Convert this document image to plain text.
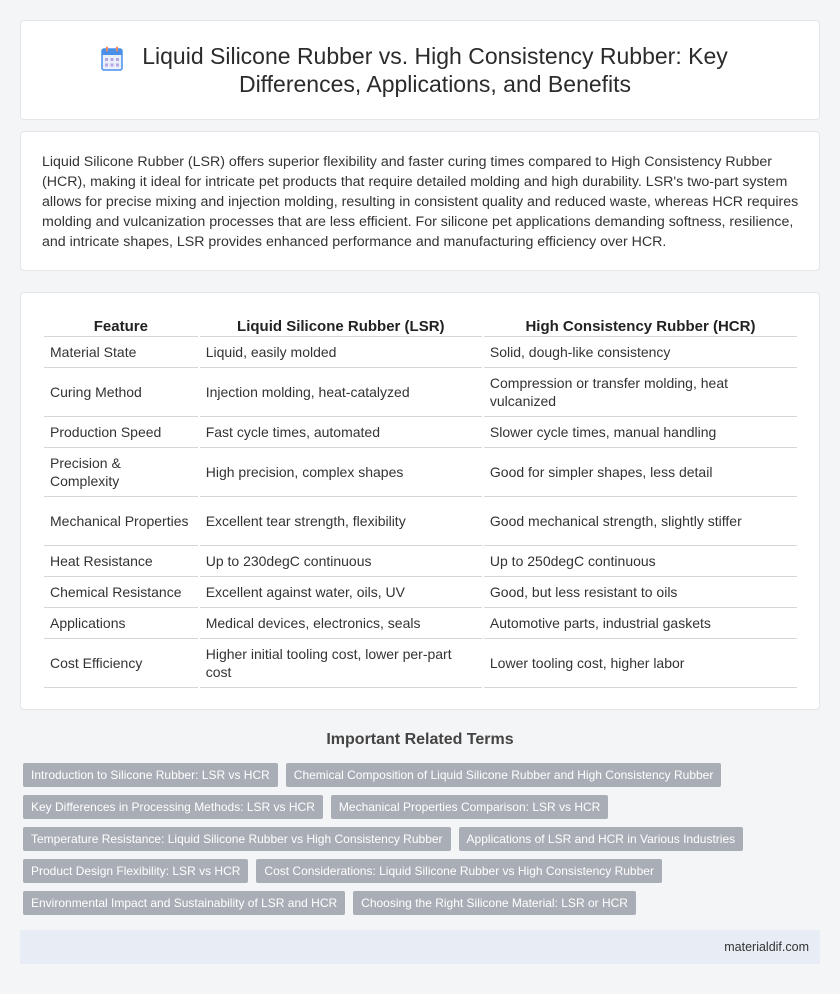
Liquid Silicone Rubber vs. High Consistency Rubber: Key Differences, Applications, and Benefits

Liquid Silicone Rubber (LSR) offers superior flexibility and faster curing times compared to High Consistency Rubber (HCR), making it ideal for intricate pet products that require detailed molding and high durability. LSR's two-part system allows for precise mixing and injection molding, resulting in consistent quality and reduced waste, whereas HCR requires molding and vulcanization processes that are less efficient. For silicone pet applications demanding softness, resilience, and intricate shapes, LSR provides enhanced performance and manufacturing efficiency over HCR.

Feature	Liquid Silicone Rubber (LSR)	High Consistency Rubber (HCR)
Material State	Liquid, easily molded	Solid, dough-like consistency
Curing Method	Injection molding, heat-catalyzed	Compression or transfer molding, heat vulcanized
Production Speed	Fast cycle times, automated	Slower cycle times, manual handling
Precision & Complexity	High precision, complex shapes	Good for simpler shapes, less detail
Mechanical Properties	Excellent tear strength, flexibility	Good mechanical strength, slightly stiffer
Heat Resistance	Up to 230degC continuous	Up to 250degC continuous
Chemical Resistance	Excellent against water, oils, UV	Good, but less resistant to oils
Applications	Medical devices, electronics, seals	Automotive parts, industrial gaskets
Cost Efficiency	Higher initial tooling cost, lower per-part cost	Lower tooling cost, higher labor
Important Related Terms
Introduction to Silicone Rubber: LSR vs HCR	Chemical Composition of Liquid Silicone Rubber and High Consistency Rubber
Key Differences in Processing Methods: LSR vs HCR	Mechanical Properties Comparison: LSR vs HCR
Temperature Resistance: Liquid Silicone Rubber vs High Consistency Rubber	Applications of LSR and HCR in Various Industries
Product Design Flexibility: LSR vs HCR	Cost Considerations: Liquid Silicone Rubber vs High Consistency Rubber
Environmental Impact and Sustainability of LSR and HCR	Choosing the Right Silicone Material: LSR or HCR
materialdif.com
